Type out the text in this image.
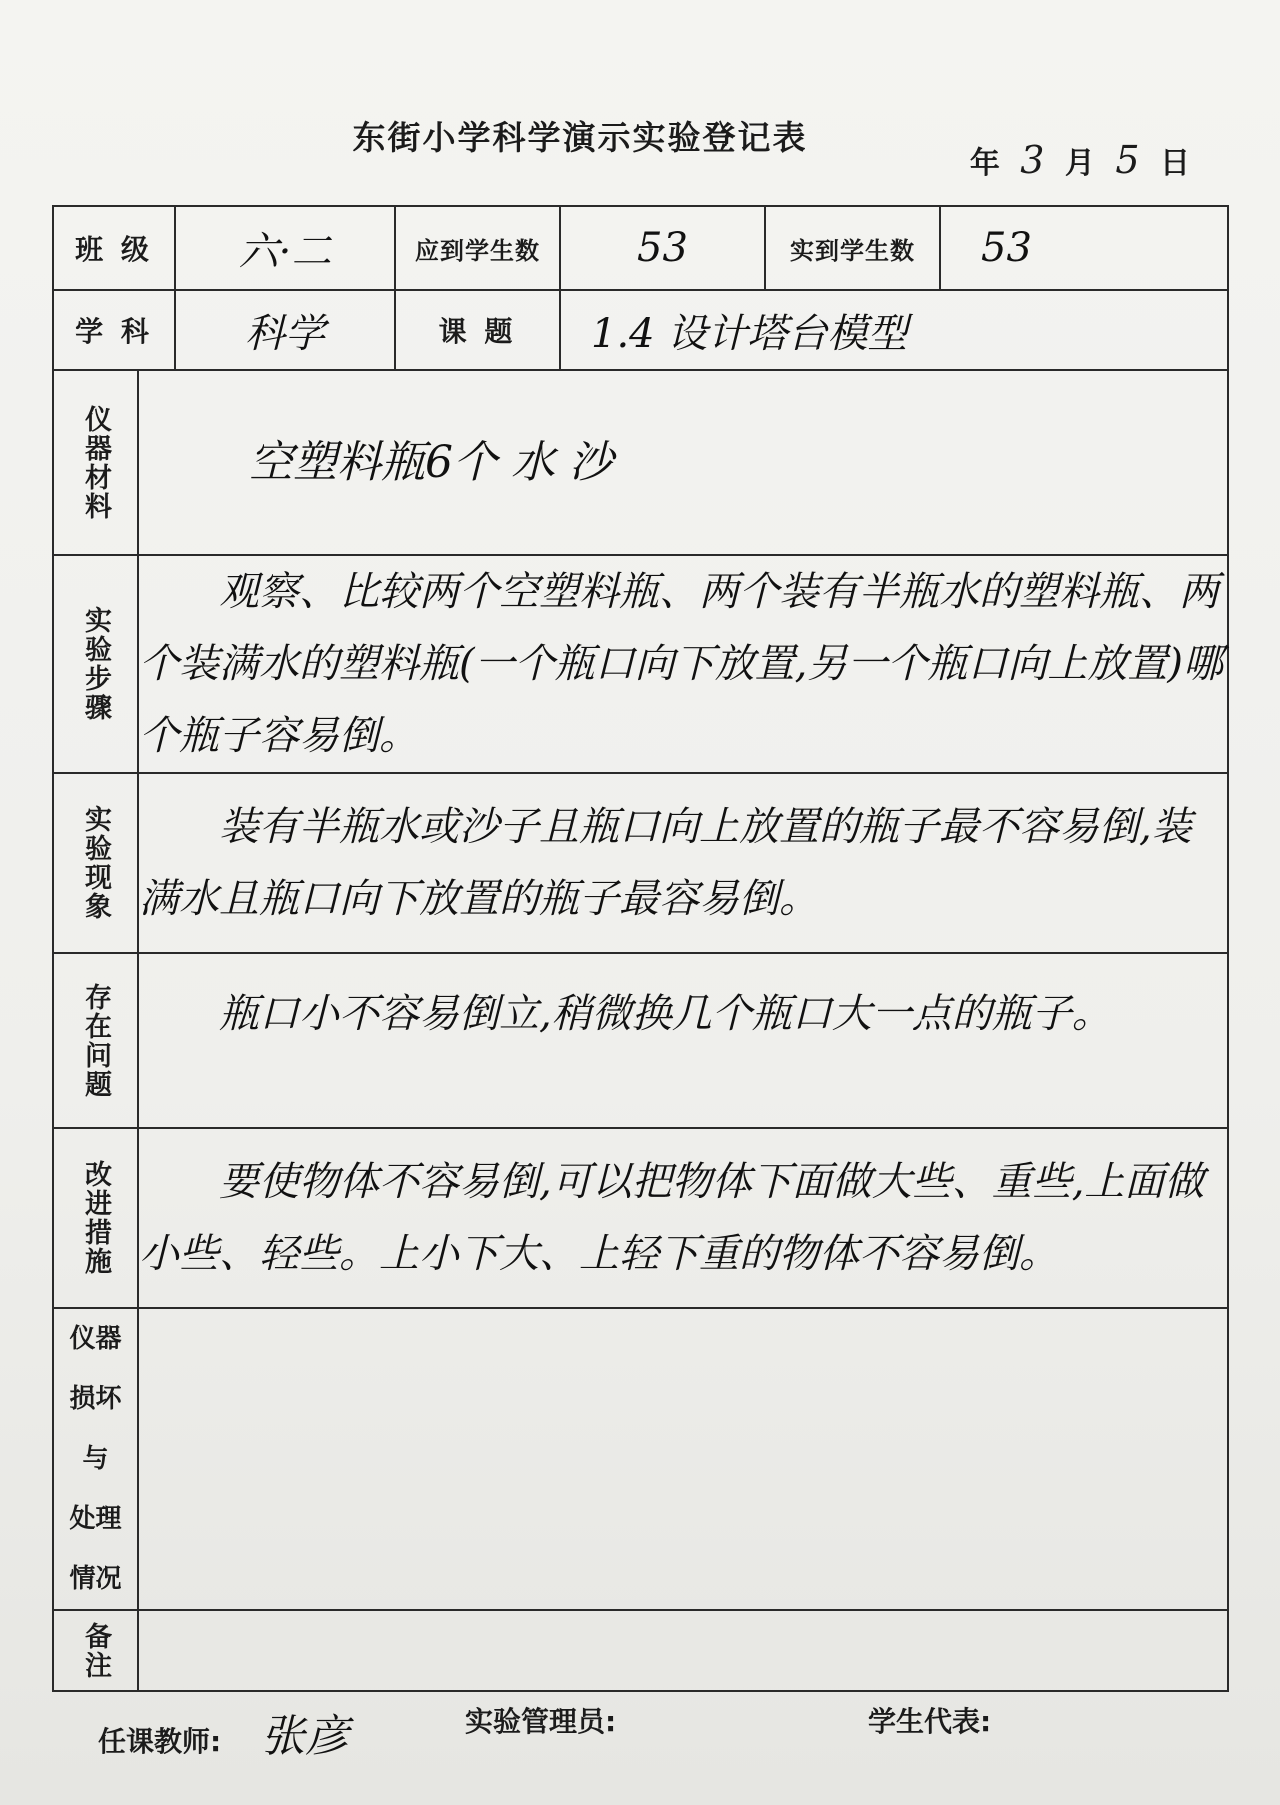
东街小学科学演示实验登记表
年 3 月 5 日
班 级		六·二	应到学生数	53	实到学生数	53
学 科		科学	课 题	1.4 设计塔台模型		

仪器材料	空塑料瓶6个 水 沙					

实验步骤	观察、比较两个空塑料瓶、两个装有半瓶水的塑料瓶、两个装满水的塑料瓶(一个瓶口向下放置,另一个瓶口向上放置)哪个瓶子容易倒。					

实验现象	装有半瓶水或沙子且瓶口向上放置的瓶子最不容易倒,装满水且瓶口向下放置的瓶子最容易倒。					

存在问题	瓶口小不容易倒立,稍微换几个瓶口大一点的瓶子。					

改进措施	要使物体不容易倒,可以把物体下面做大些、重些,上面做小些、轻些。上小下大、上轻下重的物体不容易倒。					

仪器
损坏
与
处理
情况						

备注						

任课教师: 张彦	实验管理员:	学生代表:
